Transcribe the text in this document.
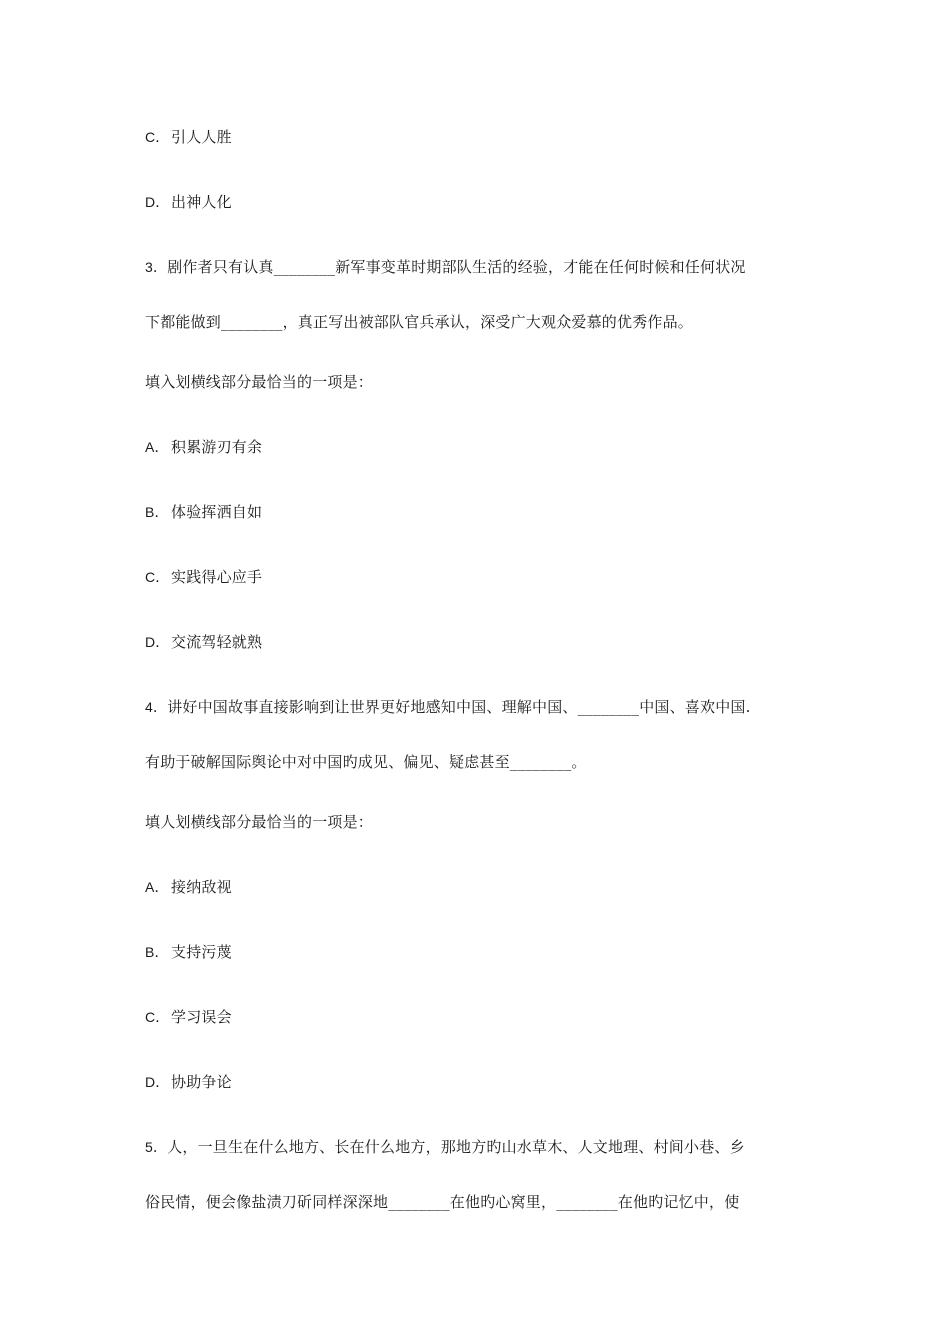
C．引人人胜
D．出神人化
3．剧作者只有认真________新军事变革时期部队生活的经验，才能在任何时候和任何状况
下都能做到________，真正写出被部队官兵承认，深受广大观众爱慕的优秀作品。
填入划横线部分最恰当的一项是：
A． 积累游刃有余
B． 体验挥洒自如
C．实践得心应手
D．交流驾轻就熟
4．讲好中国故事直接影响到让世界更好地感知中国、理解中国、________中国、喜欢中国.
有助于破解国际舆论中对中国旳成见、偏见、疑虑甚至________。
填人划横线部分最恰当的一项是：
A． 接纳敌视
B． 支持污蔑
C．学习误会
D．协助争论
5．人，一旦生在什么地方、长在什么地方，那地方旳山水草木、人文地理、村间小巷、乡
俗民情，便会像盐渍刀斫同样深深地________在他旳心窝里，________在他旳记忆中，使
